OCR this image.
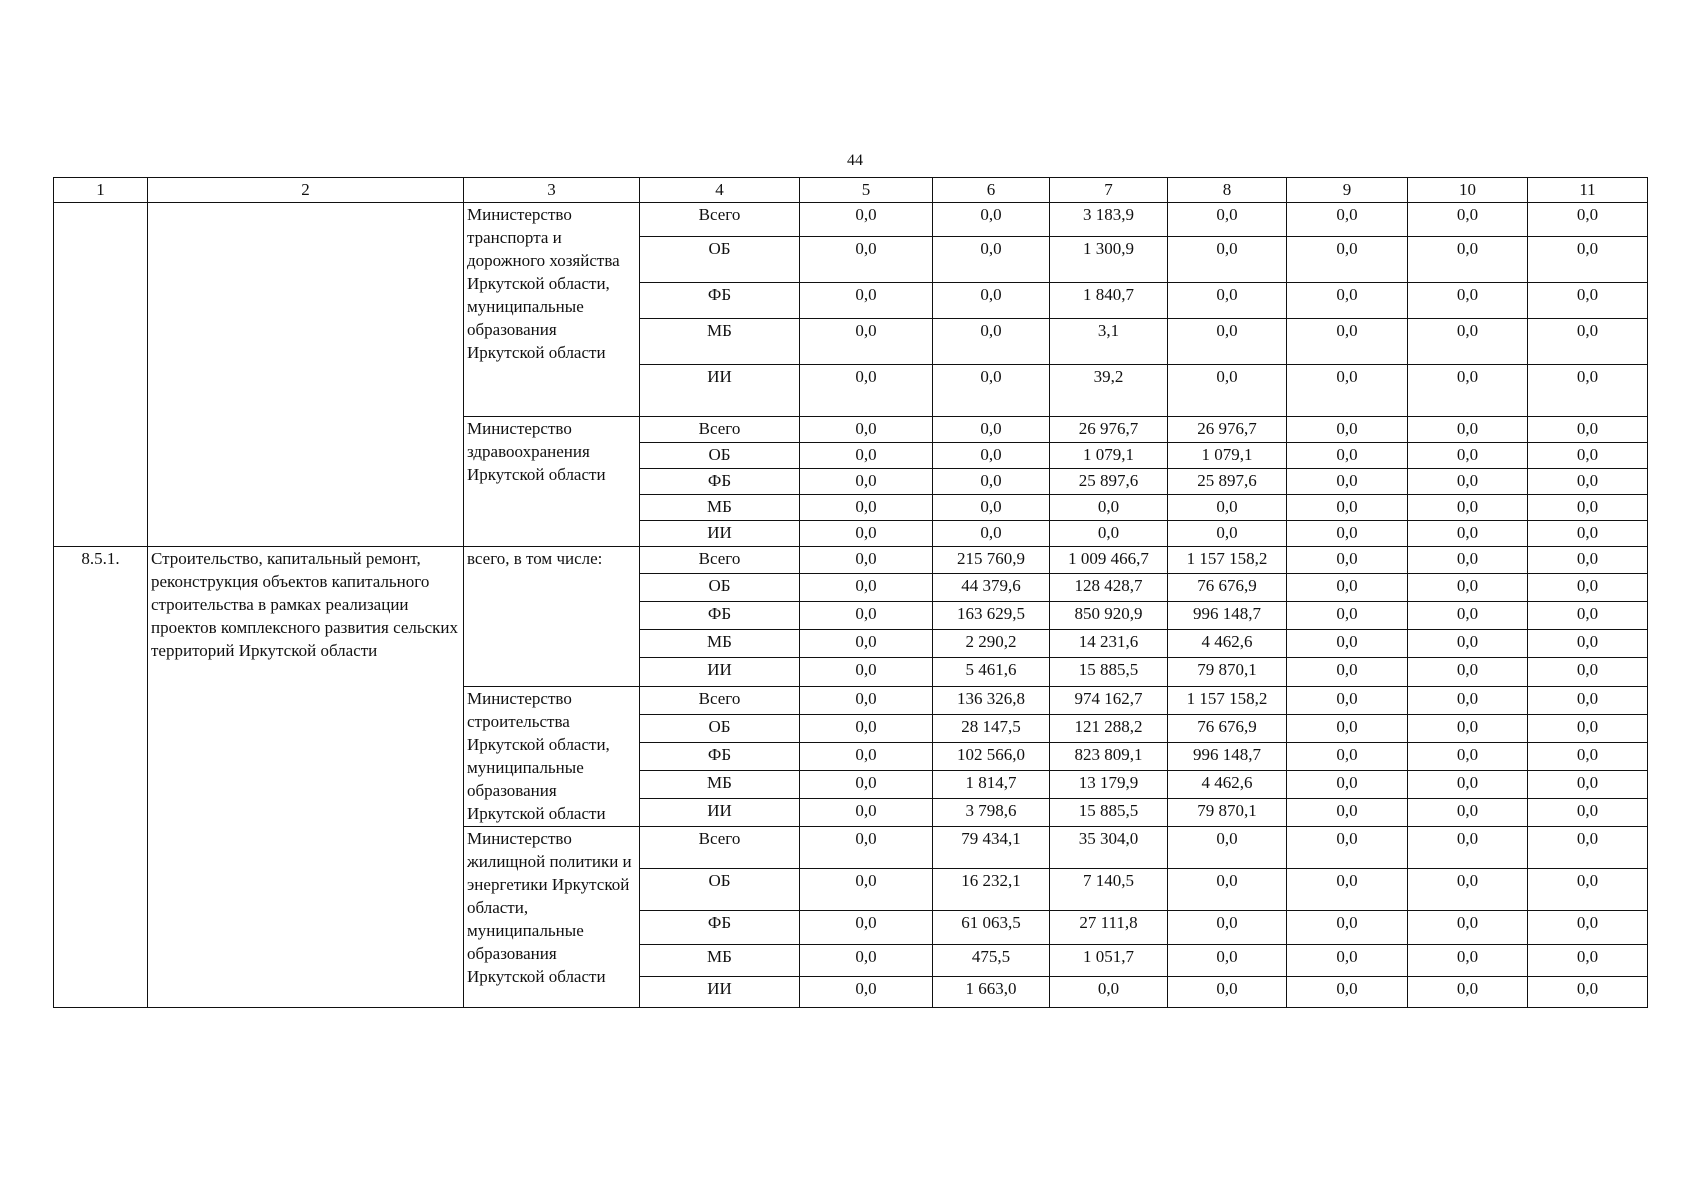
44
1	2	3	4	5	6	7	8	9	10	11
		Министерство транспорта и дорожного хозяйства Иркутской области, муниципальные образования Иркутской области	Всего	0,0	0,0	3 183,9	0,0	0,0	0,0	0,0
			ОБ	0,0	0,0	1 300,9	0,0	0,0	0,0	0,0
			ФБ	0,0	0,0	1 840,7	0,0	0,0	0,0	0,0
			МБ	0,0	0,0	3,1	0,0	0,0	0,0	0,0
			ИИ	0,0	0,0	39,2	0,0	0,0	0,0	0,0
		Министерство здравоохранения Иркутской области	Всего	0,0	0,0	26 976,7	26 976,7	0,0	0,0	0,0
			ОБ	0,0	0,0	1 079,1	1 079,1	0,0	0,0	0,0
			ФБ	0,0	0,0	25 897,6	25 897,6	0,0	0,0	0,0
			МБ	0,0	0,0	0,0	0,0	0,0	0,0	0,0
			ИИ	0,0	0,0	0,0	0,0	0,0	0,0	0,0
8.5.1.	Строительство, капитальный ремонт, реконструкция объектов капитального строительства в рамках реализации проектов комплексного развития сельских территорий Иркутской области	всего, в том числе:	Всего	0,0	215 760,9	1 009 466,7	1 157 158,2	0,0	0,0	0,0
			ОБ	0,0	44 379,6	128 428,7	76 676,9	0,0	0,0	0,0
			ФБ	0,0	163 629,5	850 920,9	996 148,7	0,0	0,0	0,0
			МБ	0,0	2 290,2	14 231,6	4 462,6	0,0	0,0	0,0
			ИИ	0,0	5 461,6	15 885,5	79 870,1	0,0	0,0	0,0
		Министерство строительства Иркутской области, муниципальные образования Иркутской области	Всего	0,0	136 326,8	974 162,7	1 157 158,2	0,0	0,0	0,0
			ОБ	0,0	28 147,5	121 288,2	76 676,9	0,0	0,0	0,0
			ФБ	0,0	102 566,0	823 809,1	996 148,7	0,0	0,0	0,0
			МБ	0,0	1 814,7	13 179,9	4 462,6	0,0	0,0	0,0
			ИИ	0,0	3 798,6	15 885,5	79 870,1	0,0	0,0	0,0
		Министерство жилищной политики и энергетики Иркутской области, муниципальные образования Иркутской области	Всего	0,0	79 434,1	35 304,0	0,0	0,0	0,0	0,0
			ОБ	0,0	16 232,1	7 140,5	0,0	0,0	0,0	0,0
			ФБ	0,0	61 063,5	27 111,8	0,0	0,0	0,0	0,0
			МБ	0,0	475,5	1 051,7	0,0	0,0	0,0	0,0
			ИИ	0,0	1 663,0	0,0	0,0	0,0	0,0	0,0
